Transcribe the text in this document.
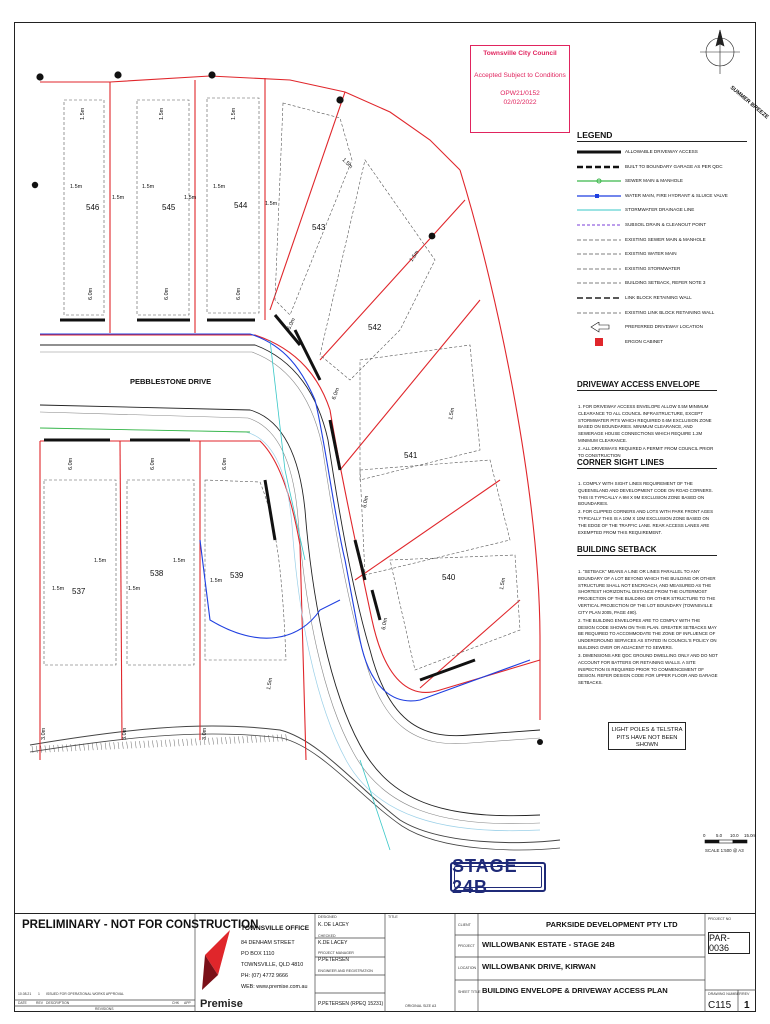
1.5m	1.5m	1.5m
6.0m	6.0m	6.0m
1.5m	1.5m	1.5m
1.5m	1.5m
1.5m
6.0m	6.0m	6.0m
1.5m	1.5m
1.5m	1.5m
1.5m
3.0m	3.0m	3.0m
1.5m
1.5m
1.5m
6.0m
6.0m
6.0m
6.0m
1.5m
1.5m
546	545	544
543
542
541
540
539
538
537
PEBBLESTONE DRIVE
SUMMER BREEZE
Townsville City Council
Accepted Subject to Conditions
OPW21/0152
02/02/2022
LEGEND
ALLOWABLE DRIVEWAY ACCESS
BUILT TO BOUNDARY GARAGE AS PER QDC
SEWER MAIN & MANHOLE
WATER MAIN, FIRE HYDRANT & SLUICE VALVE
STORMWATER DRAINAGE LINE
SUBSOIL DRAIN & CLEANOUT POINT
EXISTING SEWER MAIN & MANHOLE
EXISTING WATER MAIN
EXISTING STORMWATER
BUILDING SETBACK, REFER NOTE 3
LINK BLOCK RETAINING WALL
EXISTING LINK BLOCK RETAINING WALL
PREFERRED DRIVEWAY LOCATION
ERGON CABINET
DRIVEWAY ACCESS ENVELOPE

1. FOR DRIVEWAY ACCESS ENVELOPE ALLOW 0.5M MINIMUM CLEARANCE TO ALL COUNCIL INFRASTRUCTURE, EXCEPT STORMWATER PITS WHICH REQUIRED 0.6M EXCLUSION ZONE BASED ON BOUNDARIES. MINIMUM CLEARANCE, AND SEWERAGE HOUSE CONNECTIONS WHICH REQUIRE 1.2M MINIMUM CLEARANCE.

2. ALL DRIVEWAYS REQUIRED A PERMIT FROM COUNCIL PRIOR TO CONSTRUCTION

CORNER SIGHT LINES

1. COMPLY WITH SIGHT LINES REQUIREMENT OF THE QUEENSLAND AND DEVELOPMENT CODE ON ROAD CORNERS. THIS IS TYPICALLY A 9M X 9M EXCLUSION ZONE BASED ON BOUNDARIES.

2. FOR CLIPPED CORNERS AND LOTS WITH PARK FRONT AGES TYPICALLY THIS IS A 10M X 10M EXCLUSION ZONE BASED ON THE EDGE OF THE TRAFFIC LANE. REAR ACCESS LANES ARE EXEMPTED FROM THIS REQUIREMENT.

BUILDING SETBACK

1. "SETBACK" MEANS A LINE OR LINES PARALLEL TO ANY BOUNDARY OF A LOT BEYOND WHICH THE BUILDING OR OTHER STRUCTURE SHALL NOT ENCROACH, AND MEASURED AS THE SHORTEST HORIZONTAL DISTANCE FROM THE OUTERMOST PROJECTION OF THE BUILDING OR OTHER STRUCTURE TO THE VERTICAL PROJECTION OF THE LOT BOUNDARY (TOWNSVILLE CITY PLAN 2005, PAGE 490).

2. THE BUILDING ENVELOPES ARE TO COMPLY WITH THE DESIGN CODE SHOWN ON THIS PLAN. GREATER SETBACKS MAY BE REQUIRED TO ACCOMMODATE THE ZONE OF INFLUENCE OF UNDERGROUND SERVICES AS STATED IN COUNCIL'S POLICY ON BUILDING OVER OR ADJACENT TO SEWERS.

3. DIMENSIONS ARE QDC GROUND DWELLING ONLY AND DO NOT ACCOUNT FOR BATTERS OR RETAINING WALLS. A SITE INSPECTION IS REQUIRED PRIOR TO COMMENCEMENT OF DESIGN. REFER DESIGN CODE FOR UPPER FLOOR AND GARAGE SETBACKS.

LIGHT POLES & TELSTRA PITS HAVE NOT BEEN SHOWN
0 5.0 10.0 15.0m
SCALE 1:500 @ A3
STAGE 24B
PRELIMINARY - NOT FOR CONSTRUCTION
10.08.21 1 ISSUED FOR OPERATIONAL WORKS APPROVAL
DATE	REV DESCRIPTION	CHK APP
REVISIONS
TOWNSVILLE OFFICE
84 DENHAM STREET
PO BOX 1110
TOWNSVILLE, QLD 4810
PH: (07) 4772 9666
WEB: www.premise.com.au
Premise
DESIGNED
K. DE LACEY
CHECKED
K.DE LACEY
PROJECT MANAGER
P.PETERSEN
ENGINEER AND REGISTRATION
P.PETERSEN (RPEQ 15231)
TITLE
ORIGINAL SIZE A3
CLIENT	PARKSIDE DEVELOPMENT PTY LTD
PROJECT WILLOWBANK ESTATE - STAGE 24B
LOCATION WILLOWBANK DRIVE, KIRWAN
SHEET TITLE BUILDING ENVELOPE & DRIVEWAY ACCESS PLAN
PROJECT NO
PAR-0036
DRAWING NUMBER REV
C115 1
